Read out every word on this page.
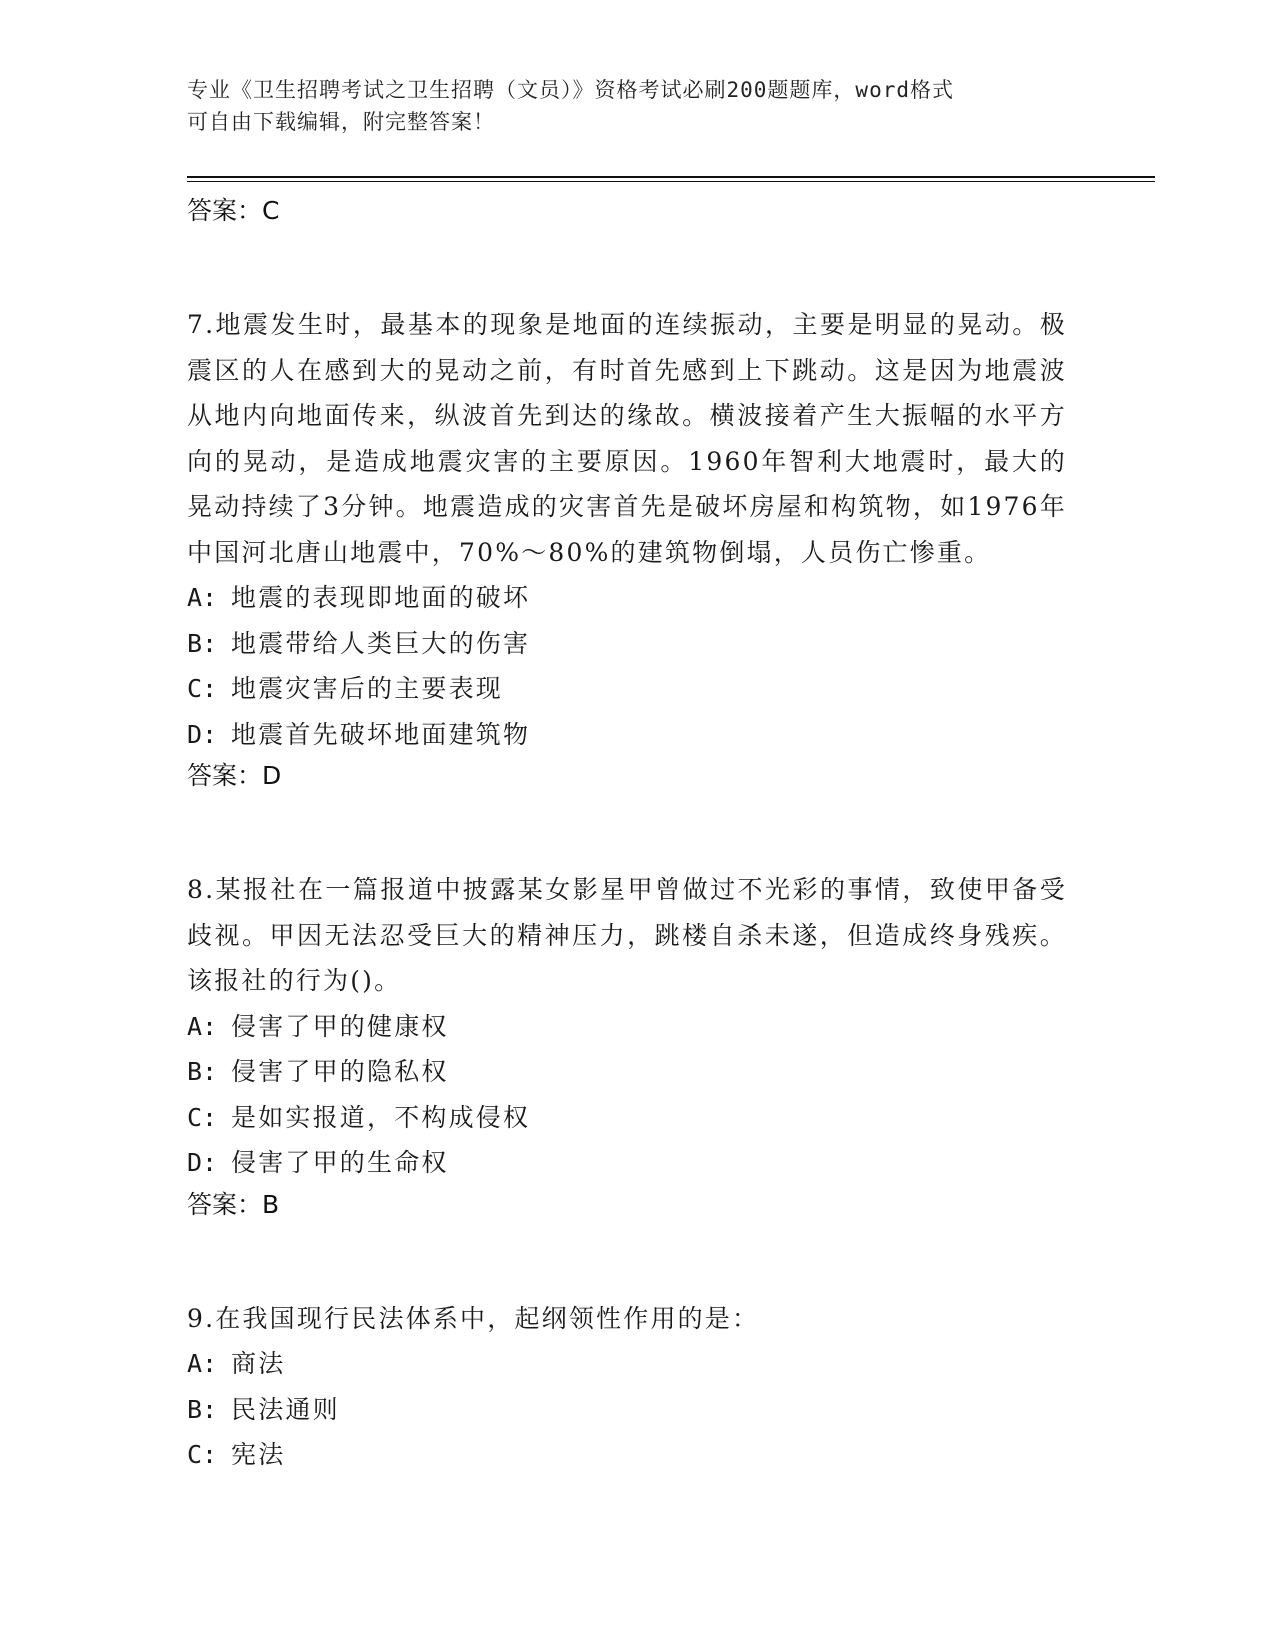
专业《卫生招聘考试之卫生招聘（文员）》资格考试必刷200题题库，word格式
可自由下载编辑，附完整答案！
答案：C

7.地震发生时，最基本的现象是地面的连续振动，主要是明显的晃动。极震区的人在感到大的晃动之前，有时首先感到上下跳动。这是因为地震波从地内向地面传来，纵波首先到达的缘故。横波接着产生大振幅的水平方向的晃动，是造成地震灾害的主要原因。1960年智利大地震时，最大的晃动持续了3分钟。地震造成的灾害首先是破坏房屋和构筑物，如1976年中国河北唐山地震中，70%～80%的建筑物倒塌，人员伤亡惨重。

A: 地震的表现即地面的破坏
B: 地震带给人类巨大的伤害
C: 地震灾害后的主要表现
D: 地震首先破坏地面建筑物
答案：D

8.某报社在一篇报道中披露某女影星甲曾做过不光彩的事情，致使甲备受歧视。甲因无法忍受巨大的精神压力，跳楼自杀未遂，但造成终身残疾。该报社的行为()。

A: 侵害了甲的健康权
B: 侵害了甲的隐私权
C: 是如实报道，不构成侵权
D: 侵害了甲的生命权
答案：B

9.在我国现行民法体系中，起纲领性作用的是：

A: 商法
B: 民法通则
C: 宪法
